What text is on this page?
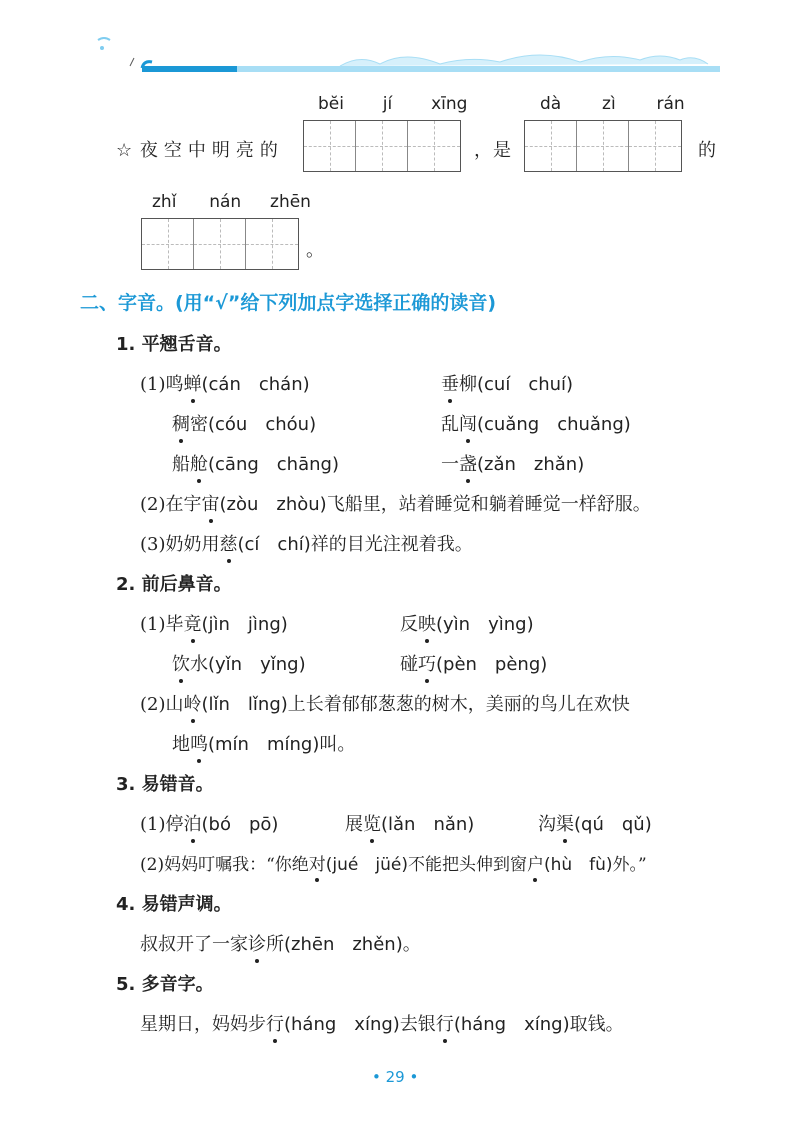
bĕi jí xīng	dà zì rán
☆ 夜空中明亮的	，是	的
zhǐ nán zhēn
。
二、字音。(用“√”给下列加点字选择正确的读音)
1. 平翘舌音。
(1)鸣蝉(cán　chán)	垂柳(cuí　chuí)
稠密(cóu　chóu)	乱闯(cuǎng　chuǎng)
船舱(cāng　chāng)	一盏(zǎn　zhǎn)
(2)在宇宙(zòu　zhòu)飞船里，站着睡觉和躺着睡觉一样舒服。
(3)奶奶用慈(cí　chí)祥的目光注视着我。
2. 前后鼻音。
(1)毕竟(jìn　jìng)	反映(yìn　yìng)
饮水(yǐn　yǐng)	碰巧(pèn　pèng)
(2)山岭(lǐn　lǐng)上长着郁郁葱葱的树木，美丽的鸟儿在欢快
地鸣(mín　míng)叫。
3. 易错音。
(1)停泊(bó　pō)	展览(lǎn　nǎn)	沟渠(qú　qǔ)
(2)妈妈叮嘱我：“你绝对(jué　jüé)不能把头伸到窗户(hù　fù)外。”
4. 易错声调。
叔叔开了一家诊所(zhēn　zhěn)。
5. 多音字。
星期日，妈妈步行(háng　xíng)去银行(háng　xíng)取钱。
• 29 •
